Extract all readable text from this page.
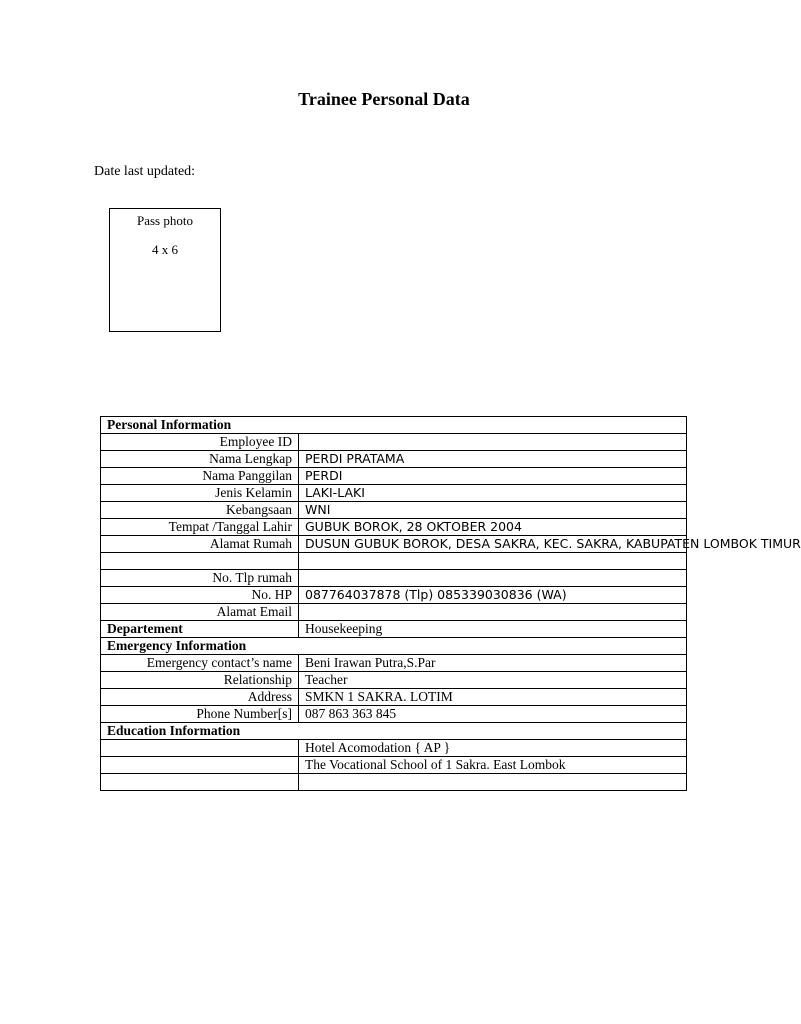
Trainee Personal Data
Date last updated:
Pass photo
4 x 6
Personal Information	
Employee ID	
Nama Lengkap	PERDI PRATAMA
Nama Panggilan	PERDI
Jenis Kelamin	LAKI-LAKI
Kebangsaan	WNI
Tempat /Tanggal Lahir	GUBUK BOROK, 28 OKTOBER 2004
Alamat Rumah	DUSUN GUBUK BOROK, DESA SAKRA, KEC. SAKRA, KABUPATEN LOMBOK TIMUR

No. Tlp rumah	
No. HP	087764037878 (Tlp) 085339030836 (WA)
Alamat Email	
Departement	Housekeeping
Emergency Information	
Emergency contact’s name	Beni Irawan Putra,S.Par
Relationship	Teacher
Address	SMKN 1 SAKRA. LOTIM
Phone Number[s]	087 863 363 845
Education Information	
	Hotel Acomodation { AP }
	The Vocational School of 1 Sakra. East Lombok
